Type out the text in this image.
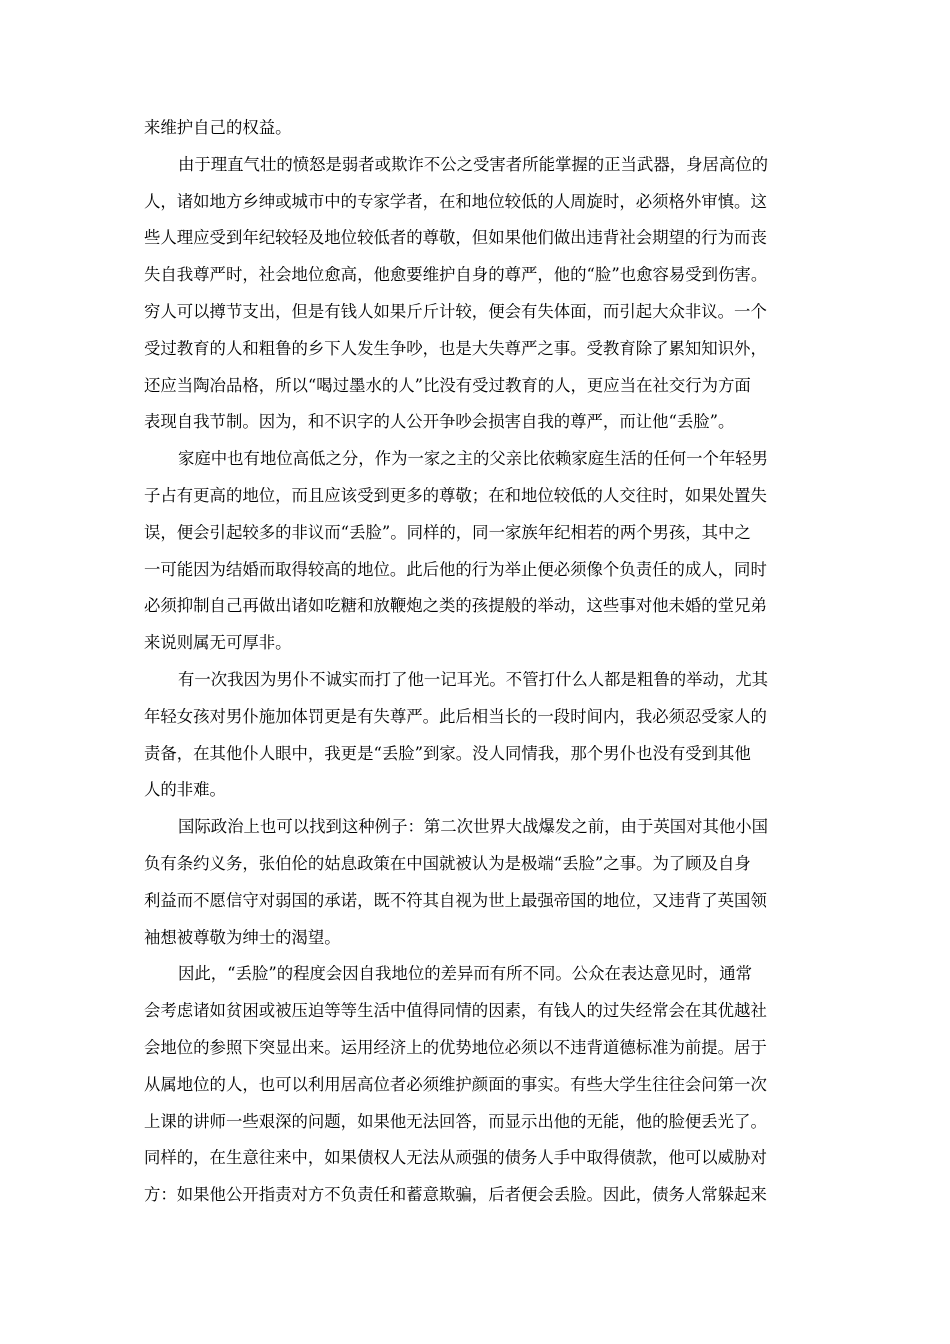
来维护自己的权益。
由于理直气壮的愤怒是弱者或欺诈不公之受害者所能掌握的正当武器，身居高位的
人，诸如地方乡绅或城市中的专家学者，在和地位较低的人周旋时，必须格外审慎。这
些人理应受到年纪较轻及地位较低者的尊敬，但如果他们做出违背社会期望的行为而丧
失自我尊严时，社会地位愈高，他愈要维护自身的尊严，他的“脸”也愈容易受到伤害。
穷人可以撙节支出，但是有钱人如果斤斤计较，便会有失体面，而引起大众非议。一个
受过教育的人和粗鲁的乡下人发生争吵，也是大失尊严之事。受教育除了累知知识外，
还应当陶冶品格，所以“喝过墨水的人”比没有受过教育的人，更应当在社交行为方面
表现自我节制。因为，和不识字的人公开争吵会损害自我的尊严，而让他“丢脸”。
家庭中也有地位高低之分，作为一家之主的父亲比依赖家庭生活的任何一个年轻男
子占有更高的地位，而且应该受到更多的尊敬；在和地位较低的人交往时，如果处置失
误，便会引起较多的非议而“丢脸”。同样的，同一家族年纪相若的两个男孩，其中之
一可能因为结婚而取得较高的地位。此后他的行为举止便必须像个负责任的成人，同时
必须抑制自己再做出诸如吃糖和放鞭炮之类的孩提般的举动，这些事对他未婚的堂兄弟
来说则属无可厚非。
有一次我因为男仆不诚实而打了他一记耳光。不管打什么人都是粗鲁的举动，尤其
年轻女孩对男仆施加体罚更是有失尊严。此后相当长的一段时间内，我必须忍受家人的
责备，在其他仆人眼中，我更是“丢脸”到家。没人同情我，那个男仆也没有受到其他
人的非难。
国际政治上也可以找到这种例子：第二次世界大战爆发之前，由于英国对其他小国
负有条约义务，张伯伦的姑息政策在中国就被认为是极端“丢脸”之事。为了顾及自身
利益而不愿信守对弱国的承诺，既不符其自视为世上最强帝国的地位，又违背了英国领
袖想被尊敬为绅士的渴望。
因此，“丢脸”的程度会因自我地位的差异而有所不同。公众在表达意见时，通常
会考虑诸如贫困或被压迫等等生活中值得同情的因素，有钱人的过失经常会在其优越社
会地位的参照下突显出来。运用经济上的优势地位必须以不违背道德标准为前提。居于
从属地位的人，也可以利用居高位者必须维护颜面的事实。有些大学生往往会问第一次
上课的讲师一些艰深的问题，如果他无法回答，而显示出他的无能，他的脸便丢光了。
同样的，在生意往来中，如果债权人无法从顽强的债务人手中取得债款，他可以威胁对
方：如果他公开指责对方不负责任和蓄意欺骗，后者便会丢脸。因此，债务人常躲起来
